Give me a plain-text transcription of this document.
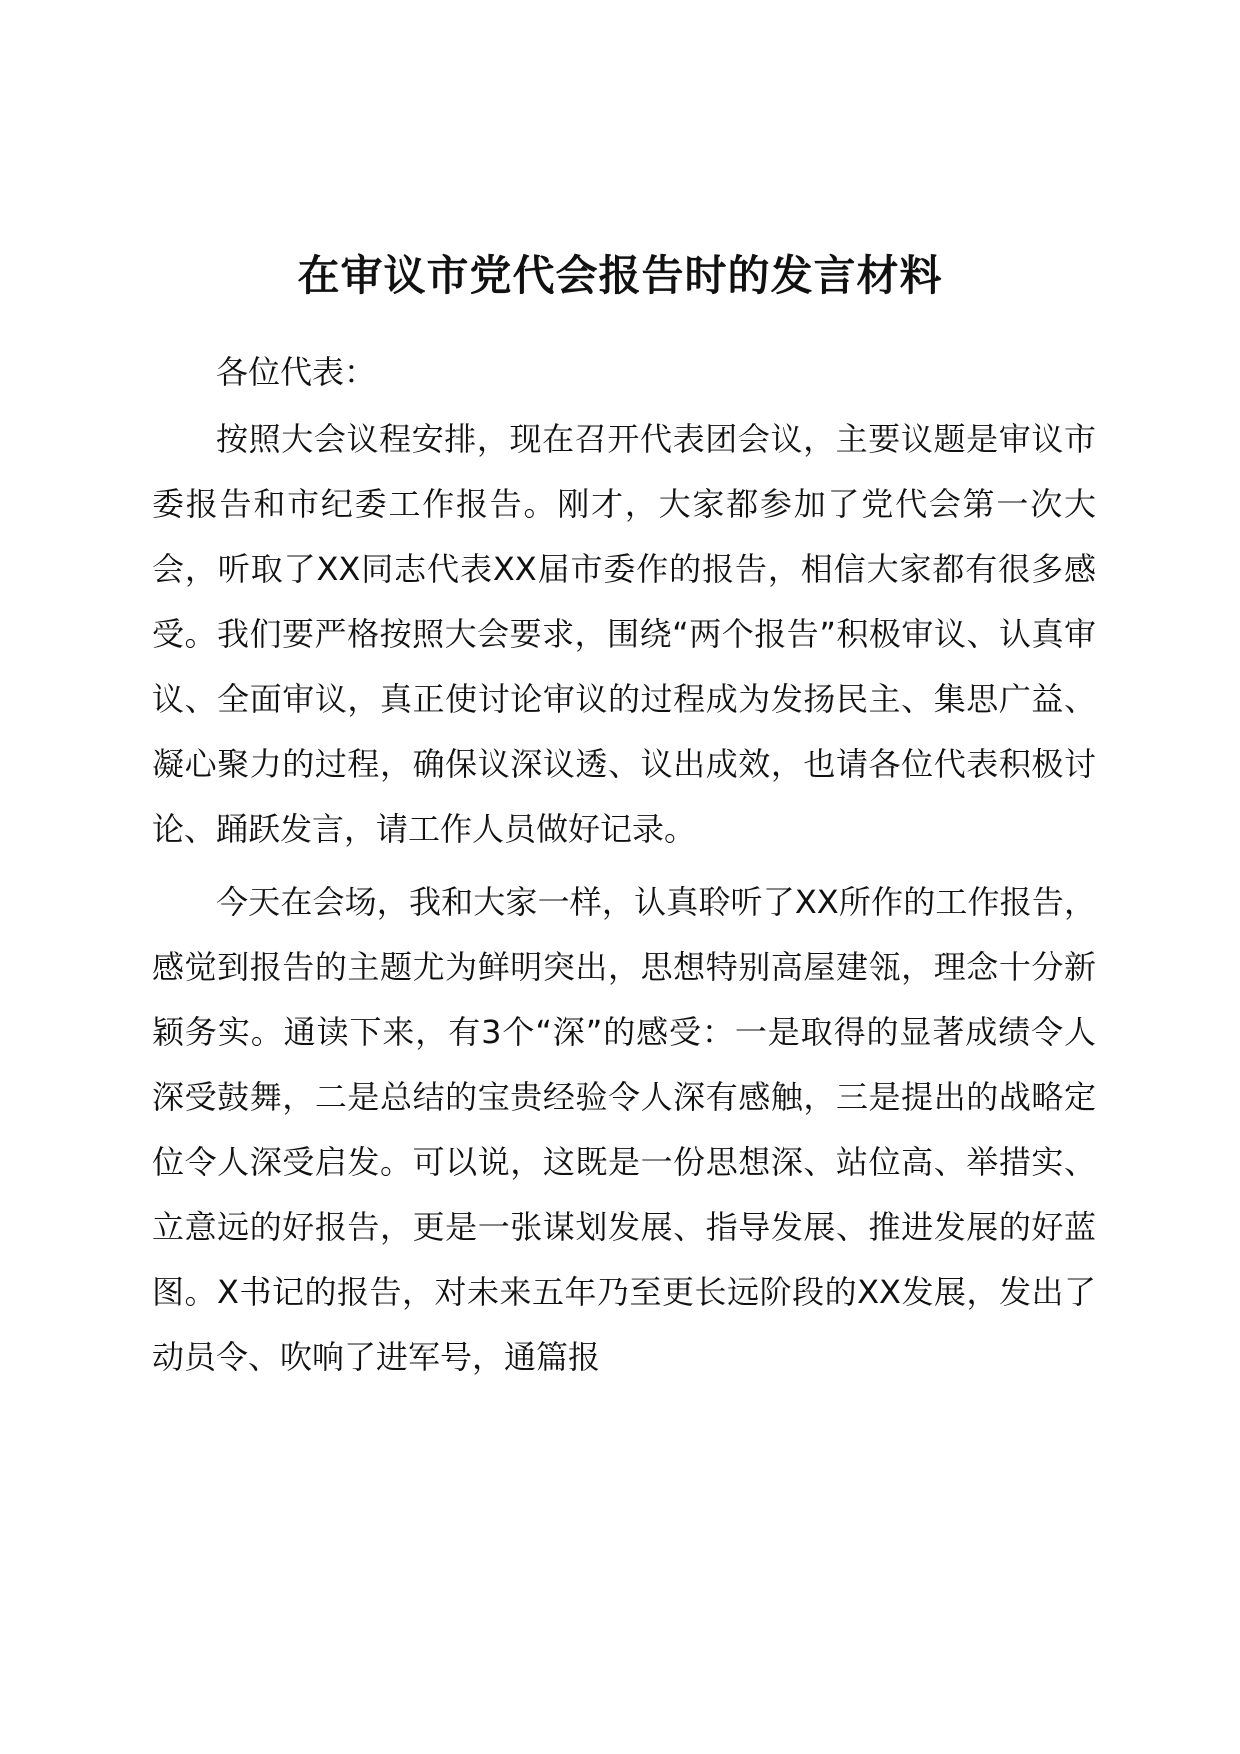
在审议市党代会报告时的发言材料

各位代表：

按照大会议程安排，现在召开代表团会议，主要议题是审议市委报告和市纪委工作报告。刚才，大家都参加了党代会第一次大会，听取了XX同志代表XX届市委作的报告，相信大家都有很多感受。我们要严格按照大会要求，围绕“两个报告”积极审议、认真审议、全面审议，真正使讨论审议的过程成为发扬民主、集思广益、凝心聚力的过程，确保议深议透、议出成效，也请各位代表积极讨论、踊跃发言，请工作人员做好记录。

今天在会场，我和大家一样，认真聆听了XX所作的工作报告，感觉到报告的主题尤为鲜明突出，思想特别高屋建瓴，理念十分新颖务实。通读下来，有3个“深”的感受：一是取得的显著成绩令人深受鼓舞，二是总结的宝贵经验令人深有感触，三是提出的战略定位令人深受启发。可以说，这既是一份思想深、站位高、举措实、立意远的好报告，更是一张谋划发展、指导发展、推进发展的好蓝图。X书记的报告，对未来五年乃至更长远阶段的XX发展，发出了动员令、吹响了进军号，通篇报
